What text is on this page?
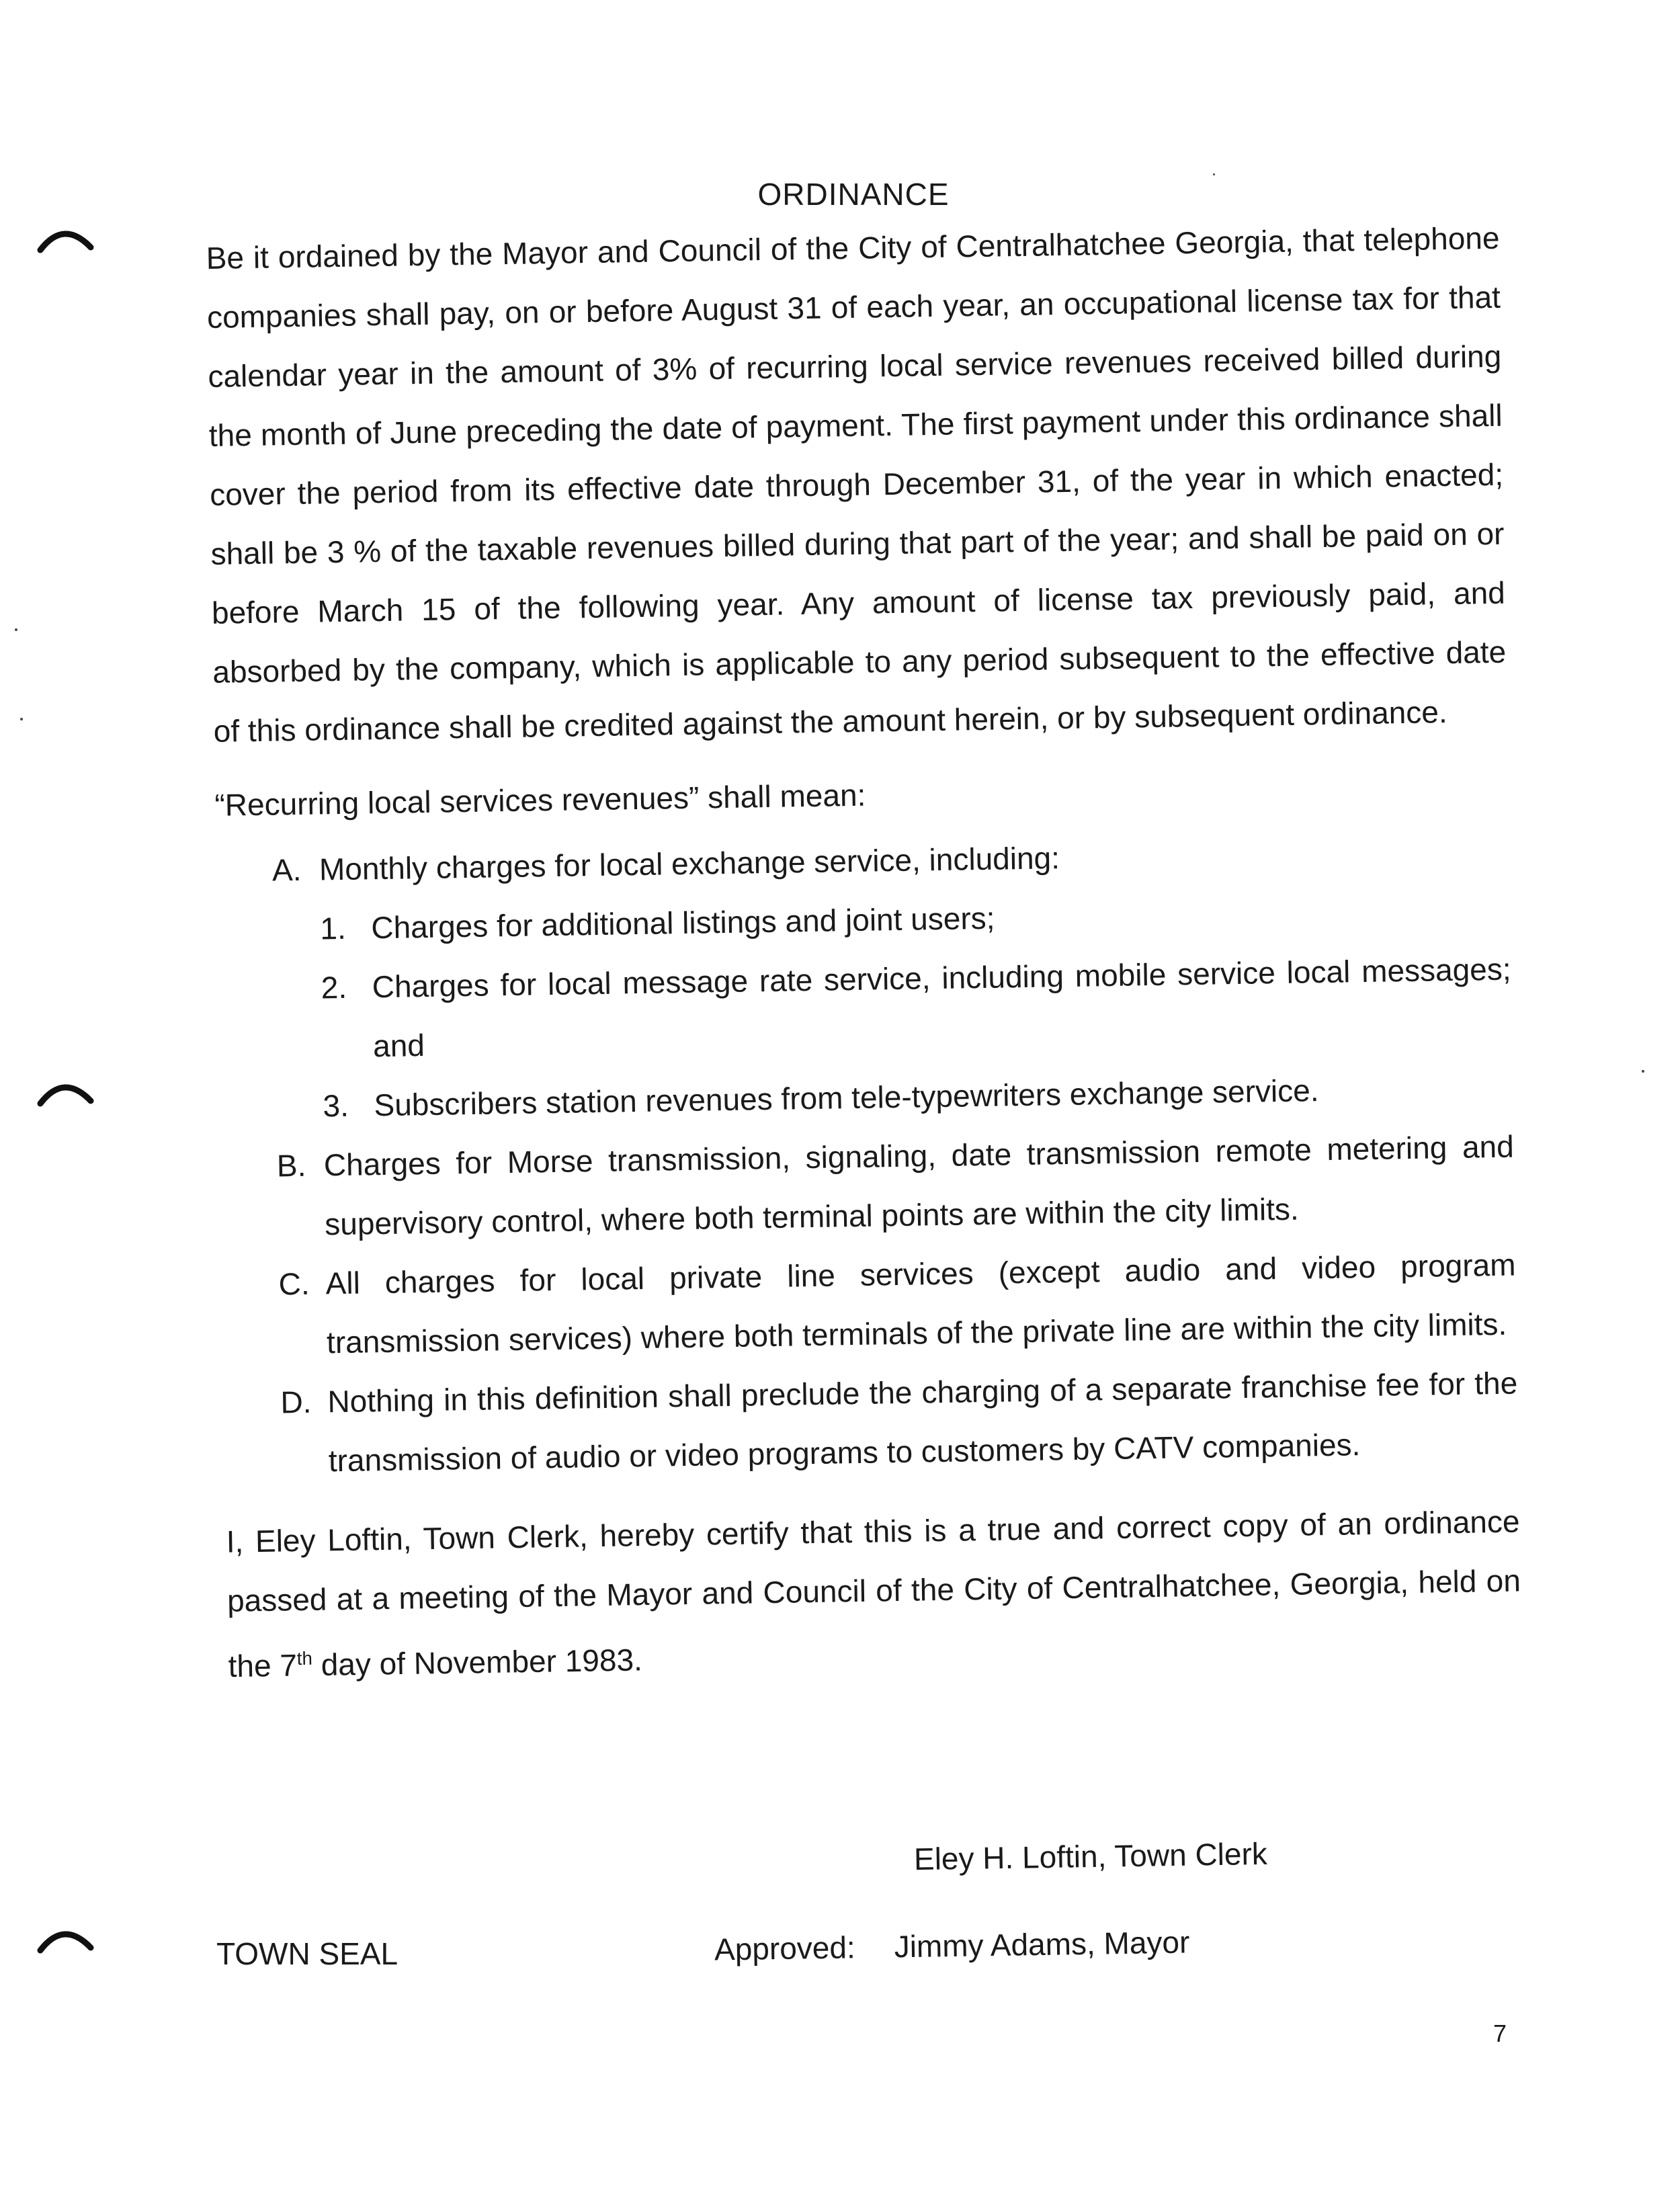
ORDINANCE

Be it ordained by the Mayor and Council of the City of Centralhatchee Georgia, that telephone companies shall pay, on or before August 31 of each year, an occupational license tax for that calendar year in the amount of 3% of recurring local service revenues received billed during the month of June preceding the date of payment. The first payment under this ordinance shall cover the period from its effective date through December 31, of the year in which enacted; shall be 3 % of the taxable revenues billed during that part of the year; and shall be paid on or before March 15 of the following year. Any amount of license tax previously paid, and absorbed by the company, which is applicable to any period subsequent to the effective date of this ordinance shall be credited against the amount herein, or by subsequent ordinance.

“Recurring local services revenues” shall mean:

A. Monthly charges for local exchange service, including:
1. Charges for additional listings and joint users;
2. Charges for local message rate service, including mobile service local messages; and
3. Subscribers station revenues from tele-typewriters exchange service.
B. Charges for Morse transmission, signaling, date transmission remote metering and supervisory control, where both terminal points are within the city limits.
C. All charges for local private line services (except audio and video program transmission services) where both terminals of the private line are within the city limits.
D. Nothing in this definition shall preclude the charging of a separate franchise fee for the transmission of audio or video programs to customers by CATV companies.

I, Eley Loftin, Town Clerk, hereby certify that this is a true and correct copy of an ordinance passed at a meeting of the Mayor and Council of the City of Centralhatchee, Georgia, held on the 7th day of November 1983.

Eley H. Loftin, Town Clerk
TOWN SEAL	Approved: Jimmy Adams, Mayor
7
